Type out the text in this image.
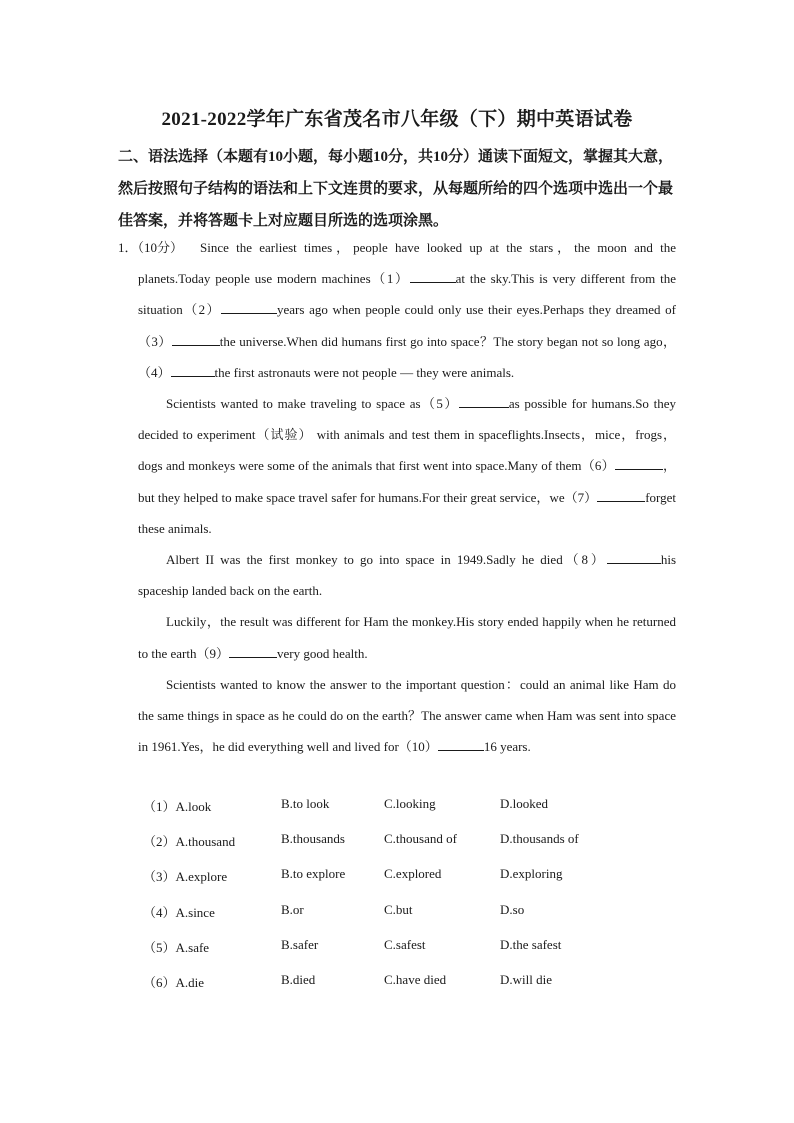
2021-2022学年广东省茂名市八年级（下）期中英语试卷
二、语法选择（本题有10小题，每小题10分，共10分）通读下面短文，掌握其大意，然后按照句子结构的语法和上下文连贯的要求，从每题所给的四个选项中选出一个最佳答案，并将答题卡上对应题目所选的选项涂黑。
1．（10分）	Since the earliest times，people have looked up at the stars，the moon and the planets.Today people use modern machines（1）	at the sky.This is very different from the situation（2）	years ago when people could only use their eyes.Perhaps they dreamed of（3）	the universe.When did humans first go into space？The story began not so long ago，（4）	the first astronauts were not people — they were animals.

Scientists wanted to make traveling to space as（5）	as possible for humans.So they decided to experiment（试验） with animals and test them in spaceflights.Insects，mice，frogs，dogs and monkeys were some of the animals that first went into space.Many of them（6）	，but they helped to make space travel safer for humans.For their great service，we（7）	forget these animals.

Albert II was the first monkey to go into space in 1949.Sadly he died（8）	his spaceship landed back on the earth.

Luckily，the result was different for Ham the monkey.His story ended happily when he returned to the earth（9）	very good health.

Scientists wanted to know the answer to the important question：could an animal like Ham do the same things in space as he could do on the earth？The answer came when Ham was sent into space in 1961.Yes，he did everything well and lived for（10）	16 years.

（1）A.look	B.to look	C.looking	D.looked
（2）A.thousand	B.thousands	C.thousand of	D.thousands of
（3）A.explore	B.to explore	C.explored	D.exploring
（4）A.since	B.or	C.but	D.so
（5）A.safe	B.safer	C.safest	D.the safest
（6）A.die	B.died	C.have died	D.will die
